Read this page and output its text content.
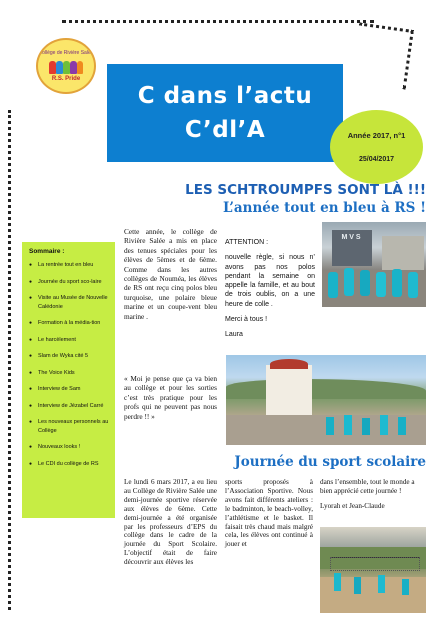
Collège de Rivière Salée
R.S. Pride
C dans l’actu
C’dl’A	Année 2017, n°1
25/04/2017
LES SCHTROUMPFS SONT LÀ !!!
L’année tout en bleu à RS !
Sommaire :
●	La rentrée tout en bleu
●	Journée du sport sco-laire
●	Visite au Musée de Nouvelle Calédonie
●	Formation à la média-tion
●	Le harcèlement
●	Slam de Wyka cité 5
●	The Voice Kids
●	Interview de Sam
●	Interview de Jézabel Carré
●	Les nouveaux personnels au Collège
●	Nouveaux looks !
●	Le CDI du collège de RS

Cette année, le collège de Rivière Salée a mis en place des tenues spéciales pour les élèves de 5èmes et de 6ème. Comme dans les autres collèges de Nouméa, les élèves de RS ont reçu cinq polos bleu turquoise, une polaire bleue marine et un coupe-vent bleu marine .

« Moi je pense que ça va bien au collège et pour les sorties c’est très pratique pour les profs qui ne peuvent pas nous perdre !! »

ATTENTION :

nouvelle règle, si nous n’ avons pas nos polos pendant la semaine on appelle la famille, et au bout de trois oublis, on a une heure de colle .

Merci à tous !

Laura

M V S
Journée du sport scolaire

Le lundi 6 mars 2017, a eu lieu au Collège de Rivière Salée une demi-journée sportive réservée aux élèves de 6ème. Cette demi-journée a été organisée par les professeurs d’EPS du collège dans le cadre de la journée du Sport Scolaire. L’objectif était de faire découvrir aux élèves les

sports proposés à l’Association Sportive. Nous avons fait différents ateliers : le badminton, le beach-volley, l’athlétisme et le basket. Il faisait très chaud mais malgré cela, les élèves ont continué à jouer et

dans l’ensemble, tout le monde a bien apprécié cette journée !

Lyorah et Jean-Claude
